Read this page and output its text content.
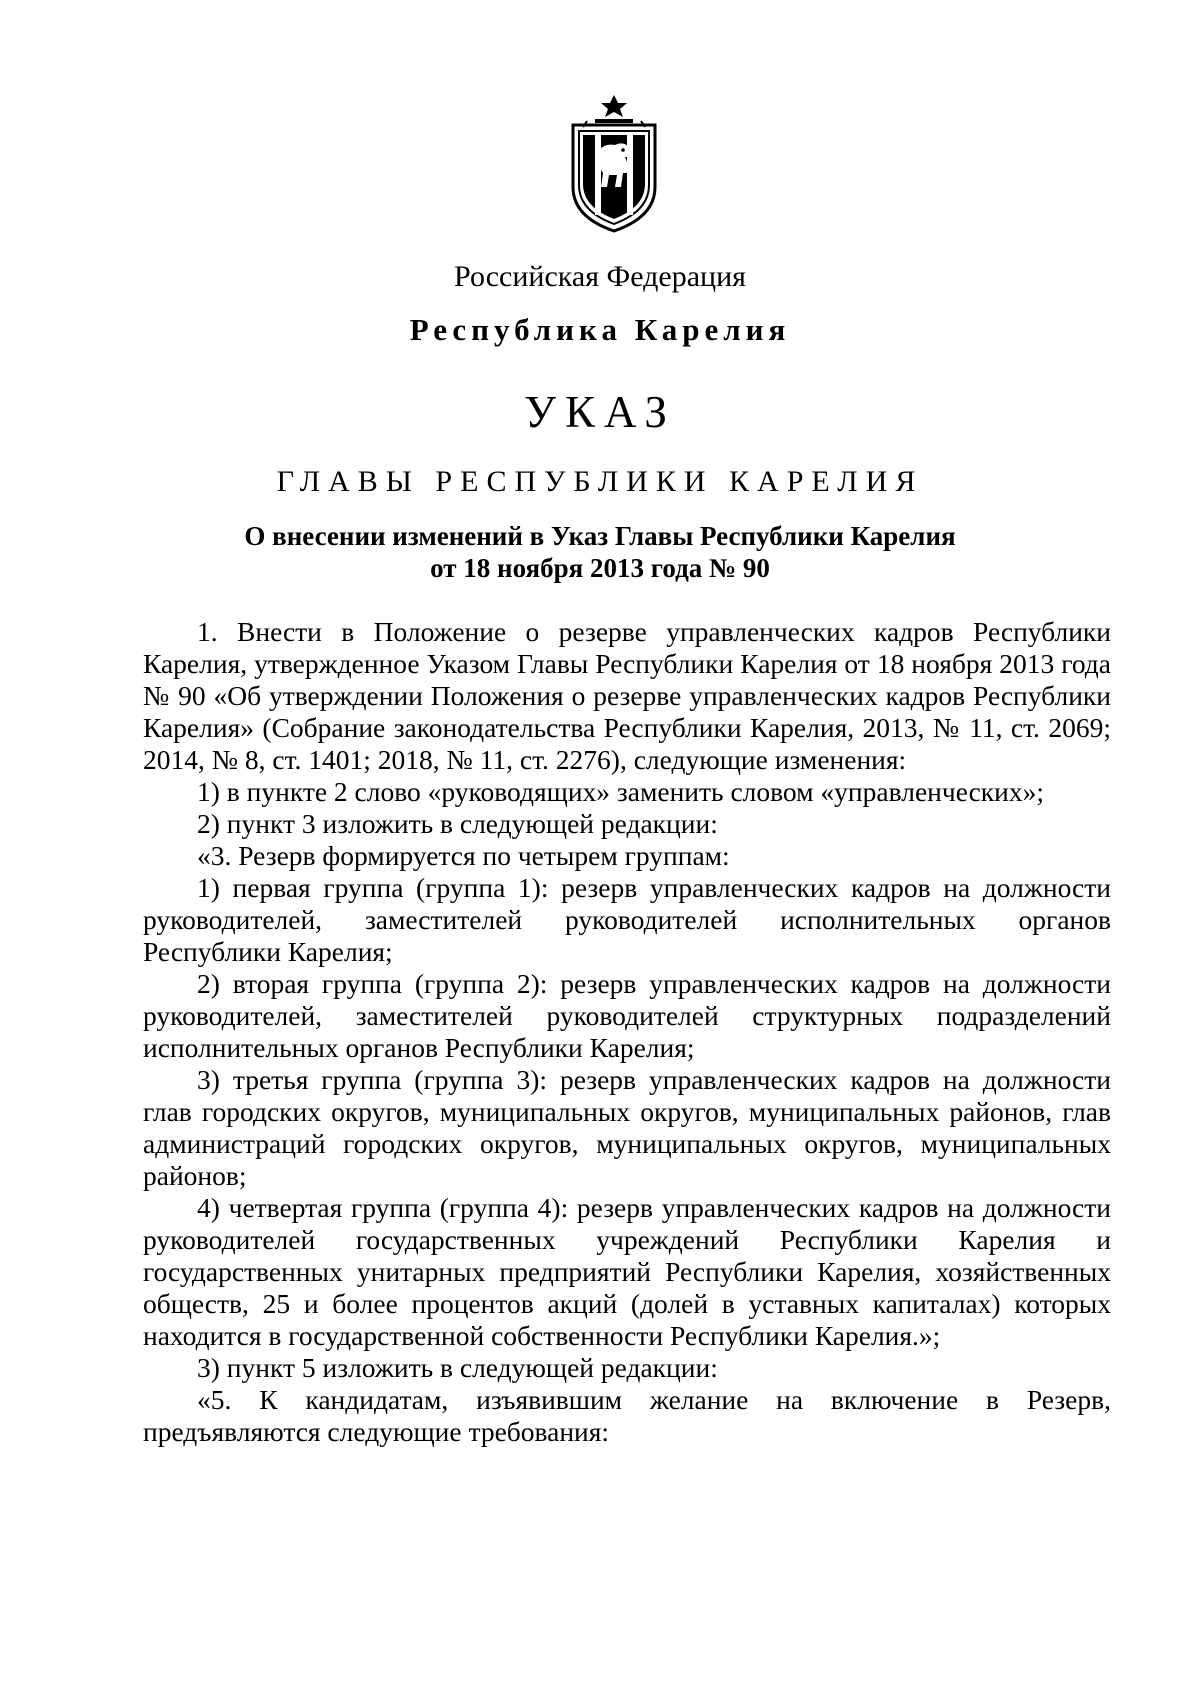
Российская Федерация
Республика Карелия
УКАЗ
ГЛАВЫ РЕСПУБЛИКИ КАРЕЛИЯ
О внесении изменений в Указ Главы Республики Карелия
от 18 ноября 2013 года № 90

1. Внести в Положение о резерве управленческих кадров Республики Карелия, утвержденное Указом Главы Республики Карелия от 18 ноября 2013 года № 90 «Об утверждении Положения о резерве управленческих кадров Республики Карелия» (Собрание законодательства Республики Карелия, 2013, № 11, ст. 2069; 2014, № 8, ст. 1401; 2018, № 11, ст. 2276), следующие изменения:

1) в пункте 2 слово «руководящих» заменить словом «управленческих»;

2) пункт 3 изложить в следующей редакции:

«3. Резерв формируется по четырем группам:

1) первая группа (группа 1): резерв управленческих кадров на должности руководителей, заместителей руководителей исполнительных органов Республики Карелия;

2) вторая группа (группа 2): резерв управленческих кадров на должности руководителей, заместителей руководителей структурных подразделений исполнительных органов Республики Карелия;

3) третья группа (группа 3): резерв управленческих кадров на должности глав городских округов, муниципальных округов, муниципальных районов, глав администраций городских округов, муниципальных округов, муниципальных районов;

4) четвертая группа (группа 4): резерв управленческих кадров на должности руководителей государственных учреждений Республики Карелия и государственных унитарных предприятий Республики Карелия, хозяйственных обществ, 25 и более процентов акций (долей в уставных капиталах) которых находится в государственной собственности Республики Карелия.»;

3) пункт 5 изложить в следующей редакции:

«5. К кандидатам, изъявившим желание на включение в Резерв, предъявляются следующие требования:
